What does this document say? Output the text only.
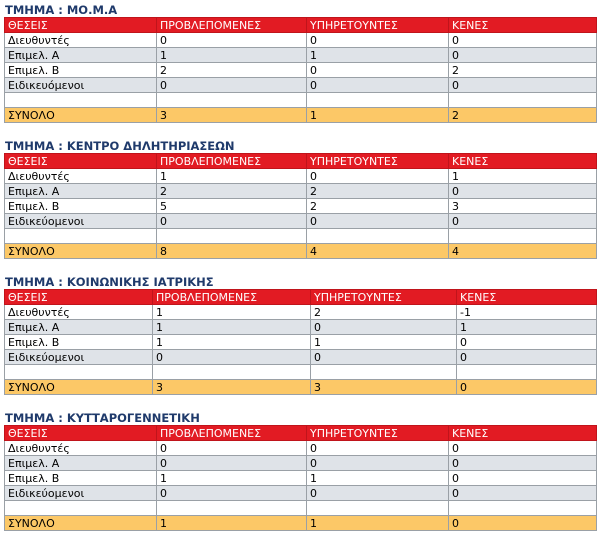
ΤΜΗΜΑ : ΜΟ.Μ.Α
ΘΕΣΕΙΣ	ΠΡΟΒΛΕΠΟΜΕΝΕΣ	ΥΠΗΡΕΤΟΥΝΤΕΣ	ΚΕΝΕΣ
Διευθυντές	0	0	0
Επιμελ. Α	1	1	0
Επιμελ. Β	2	0	2
Ειδικευόμενοι	0	0	0

ΣΥΝΟΛΟ	3	1	2
ΤΜΗΜΑ : ΚΕΝΤΡΟ ΔΗΛΗΤΗΡΙΑΣΕΩΝ
ΘΕΣΕΙΣ	ΠΡΟΒΛΕΠΟΜΕΝΕΣ	ΥΠΗΡΕΤΟΥΝΤΕΣ	ΚΕΝΕΣ
Διευθυντές	1	0	1
Επιμελ. Α	2	2	0
Επιμελ. Β	5	2	3
Ειδικεύομενοι	0	0	0

ΣΥΝΟΛΟ	8	4	4
ΤΜΗΜΑ : ΚΟΙΝΩΝΙΚΗΣ ΙΑΤΡΙΚΗΣ
ΘΕΣΕΙΣ	ΠΡΟΒΛΕΠΟΜΕΝΕΣ	ΥΠΗΡΕΤΟΥΝΤΕΣ	ΚΕΝΕΣ
Διευθυντές	1	2	-1
Επιμελ. Α	1	0	1
Επιμελ. Β	1	1	0
Ειδικεύομενοι	0	0	0

ΣΥΝΟΛΟ	3	3	0
ΤΜΗΜΑ : ΚΥΤΤΑΡΟΓΕΝΝΕΤΙΚΗ
ΘΕΣΕΙΣ	ΠΡΟΒΛΕΠΟΜΕΝΕΣ	ΥΠΗΡΕΤΟΥΝΤΕΣ	ΚΕΝΕΣ
Διευθυντές	0	0	0
Επιμελ. Α	0	0	0
Επιμελ. Β	1	1	0
Ειδικεύομενοι	0	0	0

ΣΥΝΟΛΟ	1	1	0
